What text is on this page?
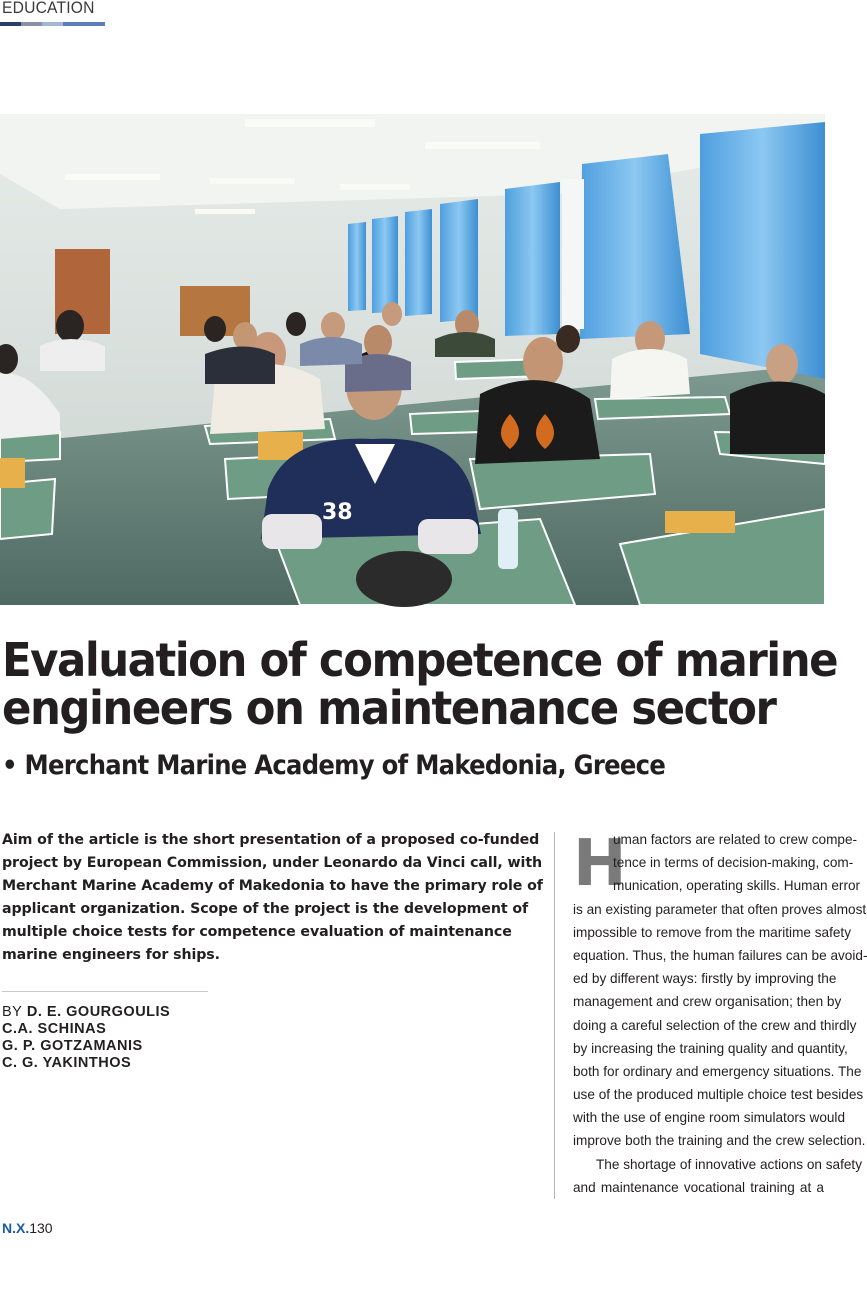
EDUCATION
38
Evaluation of competence of marine
engineers on maintenance sector
• Merchant Marine Academy of Makedonia, Greece

Aim of the article is the short presentation of a proposed co-funded
project by European Commission, under Leonardo da Vinci call, with
Merchant Marine Academy of Makedonia to have the primary role of
applicant organization. Scope of the project is the development of
multiple choice tests for competence evaluation of maintenance
marine engineers for ships.

BY D. E. GOURGOULIS
C.A. SCHINAS
G. P. GOTZAMANIS
C. G. YAKINTHOS
H
uman factors are related to crew compe-
tence in terms of decision-making, com-
munication, operating skills. Human error
is an existing parameter that often proves almost
impossible to remove from the maritime safety
equation. Thus, the human failures can be avoid-
ed by different ways: firstly by improving the
management and crew organisation; then by
doing a careful selection of the crew and thirdly
by increasing the training quality and quantity,
both for ordinary and emergency situations. The
use of the produced multiple choice test besides
with the use of engine room simulators would
improve both the training and the crew selection.
The shortage of innovative actions on safety
and maintenance vocational training at a
N.X.130
